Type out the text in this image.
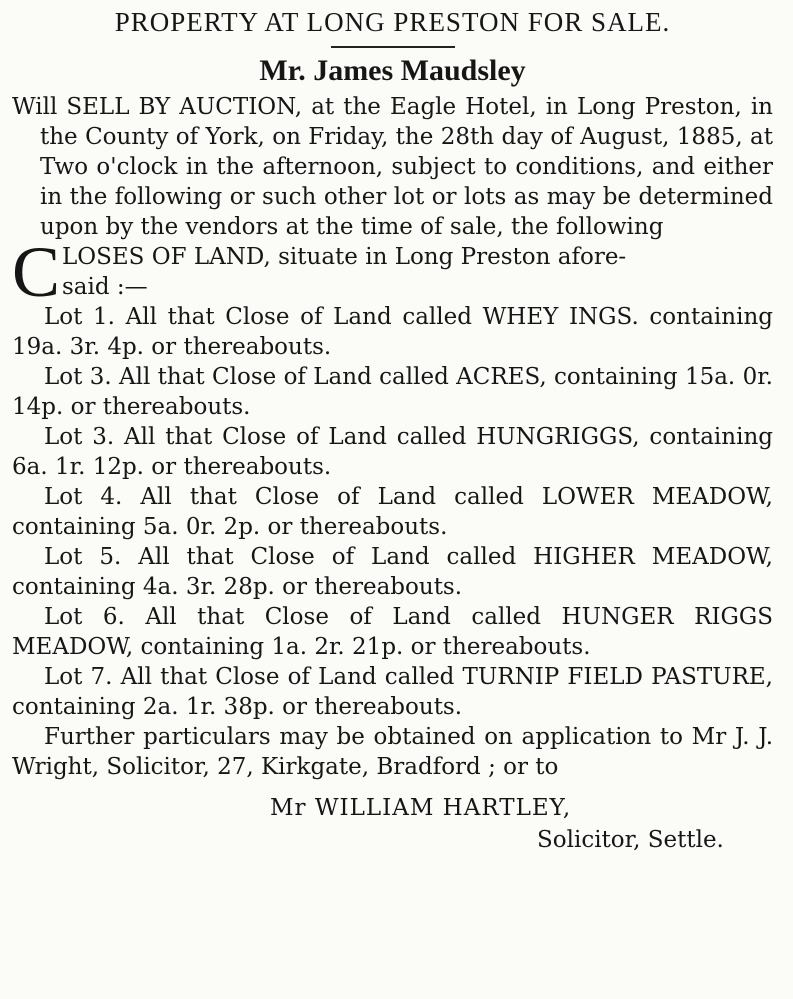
PROPERTY AT LONG PRESTON FOR SALE.
Mr. James Maudsley
Will SELL BY AUCTION, at the Eagle Hotel, in Long Preston, in the County of York, on Friday, the 28th day of August, 1885, at Two o'clock in the afternoon, subject to conditions, and either in the following or such other lot or lots as may be determined upon by the vendors at the time of sale, the following
C LOSES OF LAND, situate in Long Preston afore-
said :—
Lot 1. All that Close of Land called WHEY INGS. containing 19a. 3r. 4p. or thereabouts.
Lot 3. All that Close of Land called ACRES, containing 15a. 0r. 14p. or thereabouts.
Lot 3. All that Close of Land called HUNGRIGGS, containing 6a. 1r. 12p. or thereabouts.
Lot 4. All that Close of Land called LOWER MEADOW, containing 5a. 0r. 2p. or thereabouts.
Lot 5. All that Close of Land called HIGHER MEADOW, containing 4a. 3r. 28p. or thereabouts.
Lot 6. All that Close of Land called HUNGER RIGGS MEADOW, containing 1a. 2r. 21p. or thereabouts.
Lot 7. All that Close of Land called TURNIP FIELD PASTURE, containing 2a. 1r. 38p. or thereabouts.
Further particulars may be obtained on application to Mr J. J. Wright, Solicitor, 27, Kirkgate, Bradford ; or to
Mr WILLIAM HARTLEY,
Solicitor, Settle.
